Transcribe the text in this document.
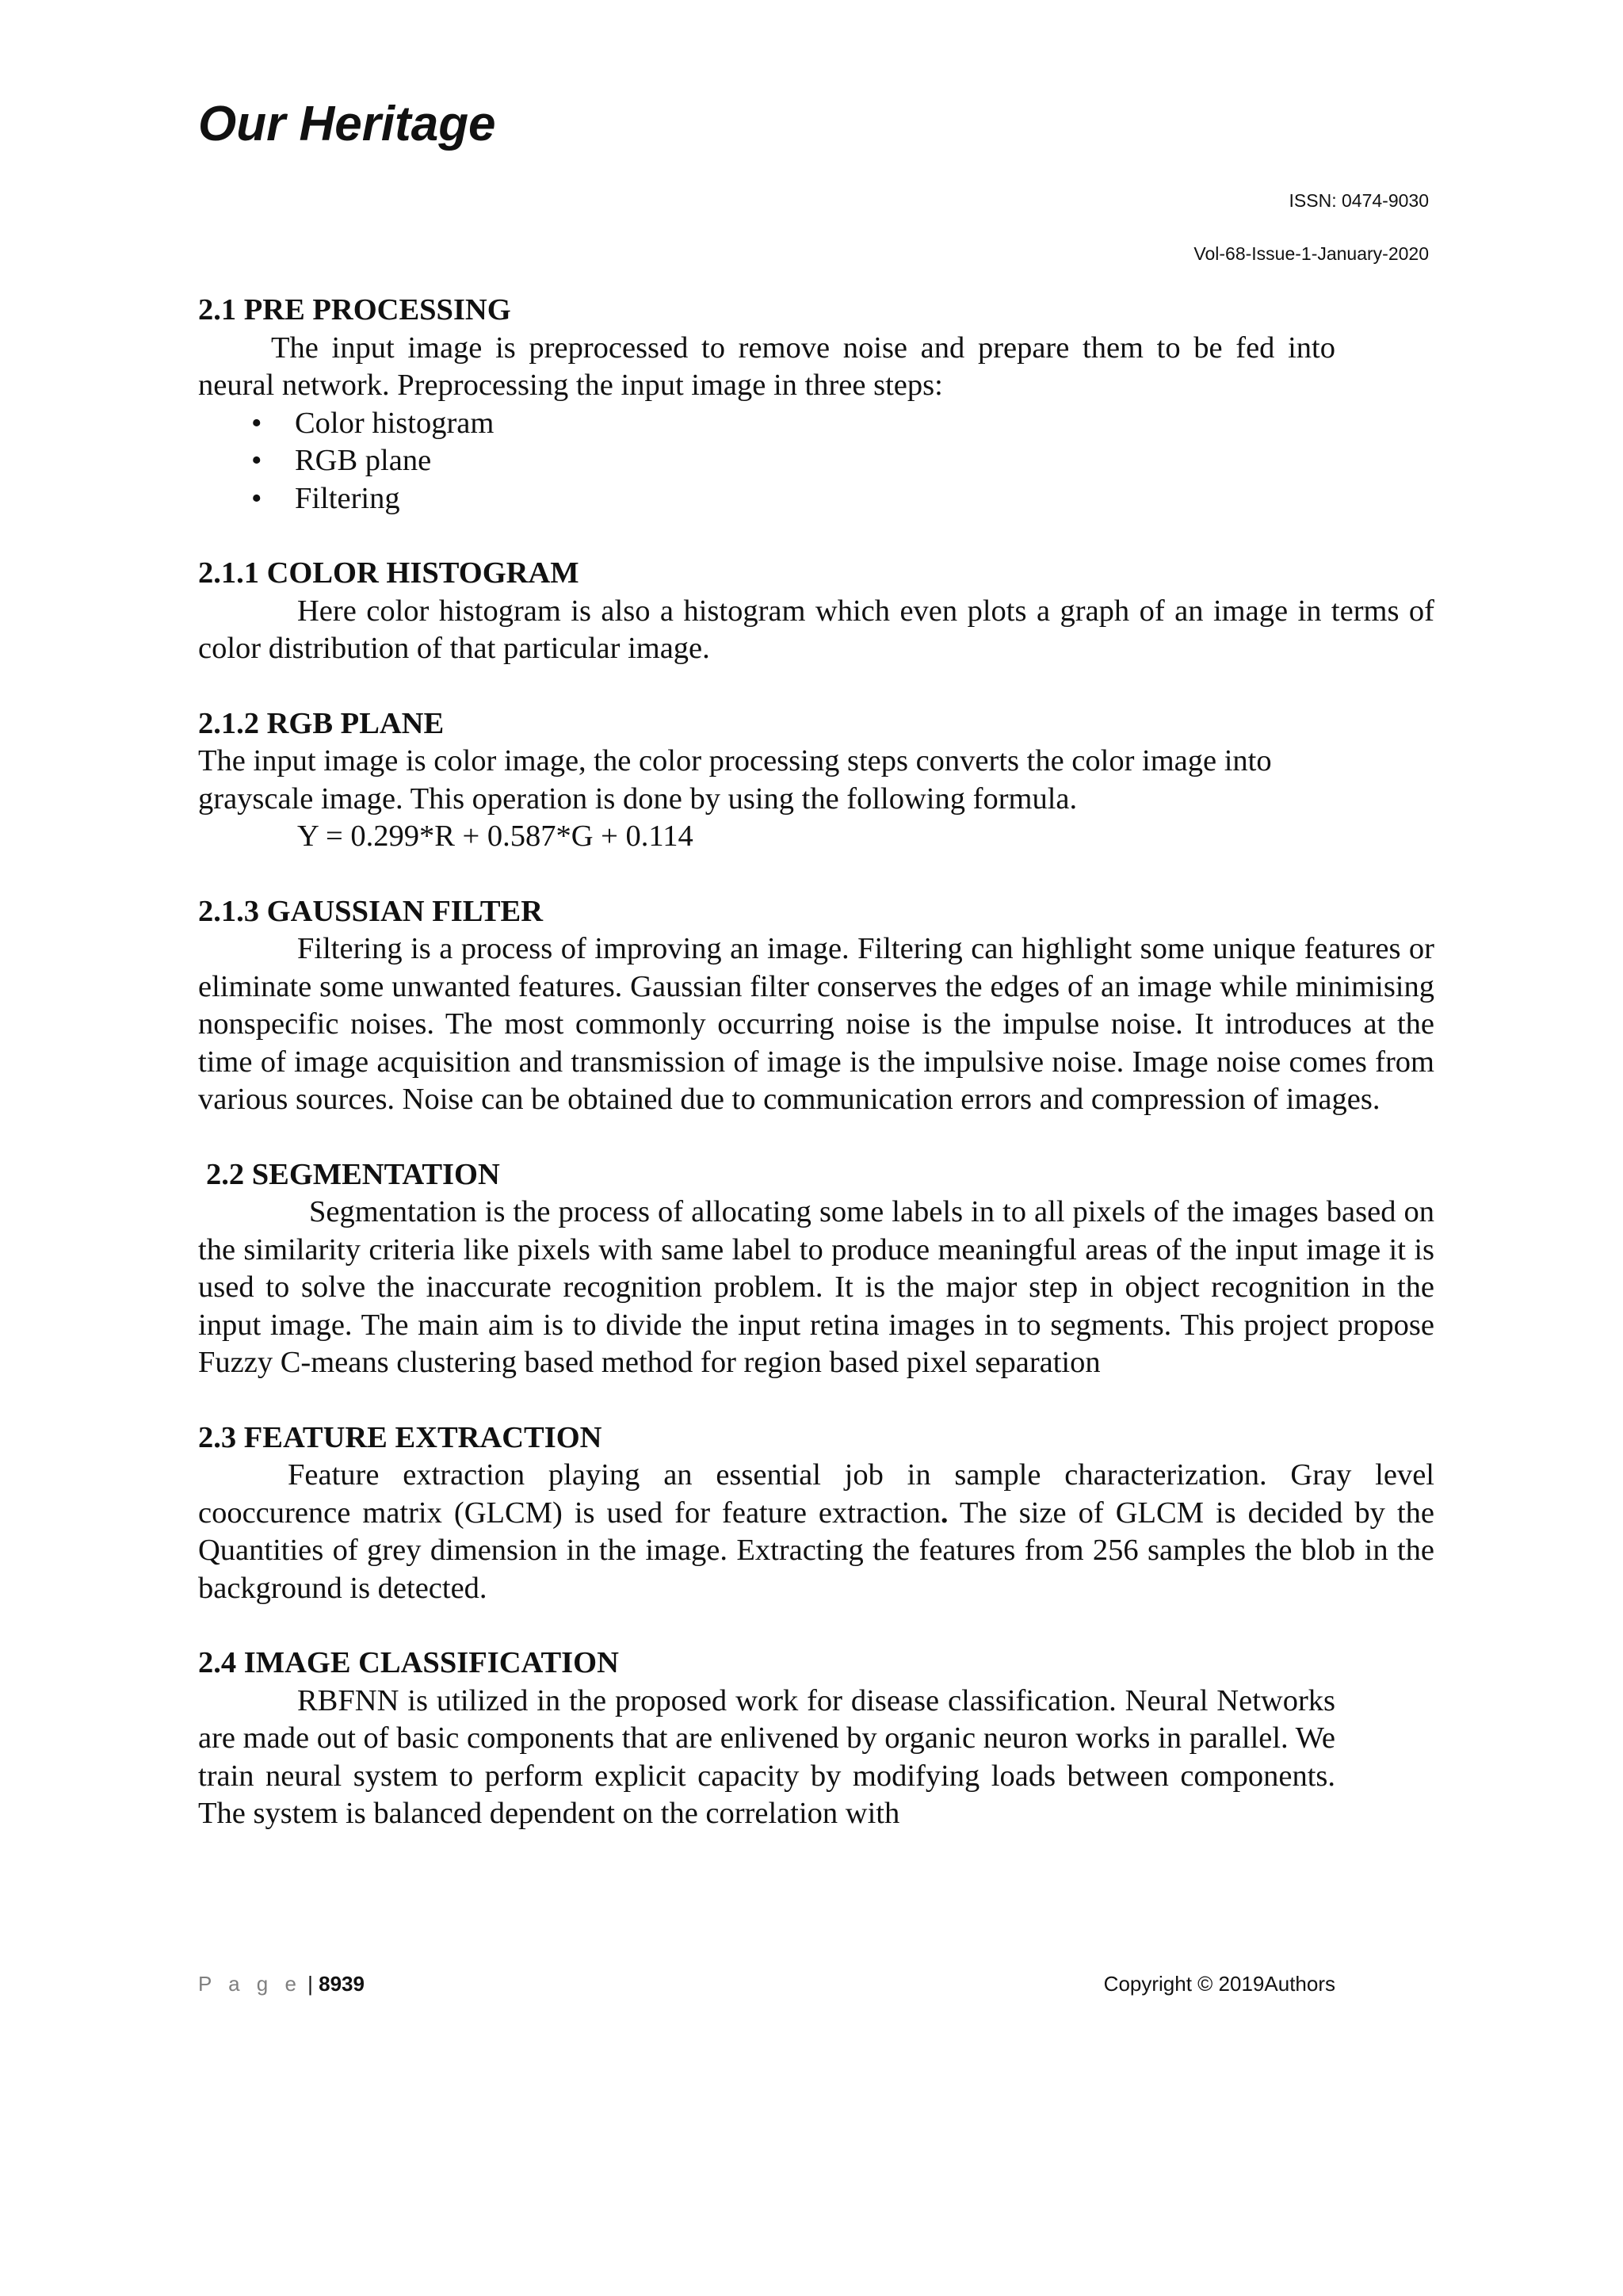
Our Heritage
ISSN: 0474-9030
Vol-68-Issue-1-January-2020
2.1 PRE PROCESSING

The input image is preprocessed to remove noise and prepare them to be fed into neural network. Preprocessing the input image in three steps:

• Color histogram
• RGB plane
• Filtering
2.1.1 COLOR HISTOGRAM

Here color histogram is also a histogram which even plots a graph of an image in terms of color distribution of that particular image.

2.1.2 RGB PLANE

The input image is color image, the color processing steps converts the color image into grayscale image. This operation is done by using the following formula.

Y = 0.299*R + 0.587*G + 0.114
2.1.3 GAUSSIAN FILTER

Filtering is a process of improving an image. Filtering can highlight some unique features or eliminate some unwanted features. Gaussian filter conserves the edges of an image while minimising nonspecific noises. The most commonly occurring noise is the impulse noise. It introduces at the time of image acquisition and transmission of image is the impulsive noise. Image noise comes from various sources. Noise can be obtained due to communication errors and compression of images.

2.2 SEGMENTATION

Segmentation is the process of allocating some labels in to all pixels of the images based on the similarity criteria like pixels with same label to produce meaningful areas of the input image it is used to solve the inaccurate recognition problem. It is the major step in object recognition in the input image. The main aim is to divide the input retina images in to segments. This project propose Fuzzy C-means clustering based method for region based pixel separation

2.3 FEATURE EXTRACTION

Feature extraction playing an essential job in sample characterization. Gray level cooccurence matrix (GLCM) is used for feature extraction. The size of GLCM is decided by the Quantities of grey dimension in the image. Extracting the features from 256 samples the blob in the background is detected.

2.4 IMAGE CLASSIFICATION

RBFNN is utilized in the proposed work for disease classification. Neural Networks are made out of basic components that are enlivened by organic neuron works in parallel. We train neural system to perform explicit capacity by modifying loads between components. The system is balanced dependent on the correlation with

P a g e | 8939	Copyright © 2019Authors
